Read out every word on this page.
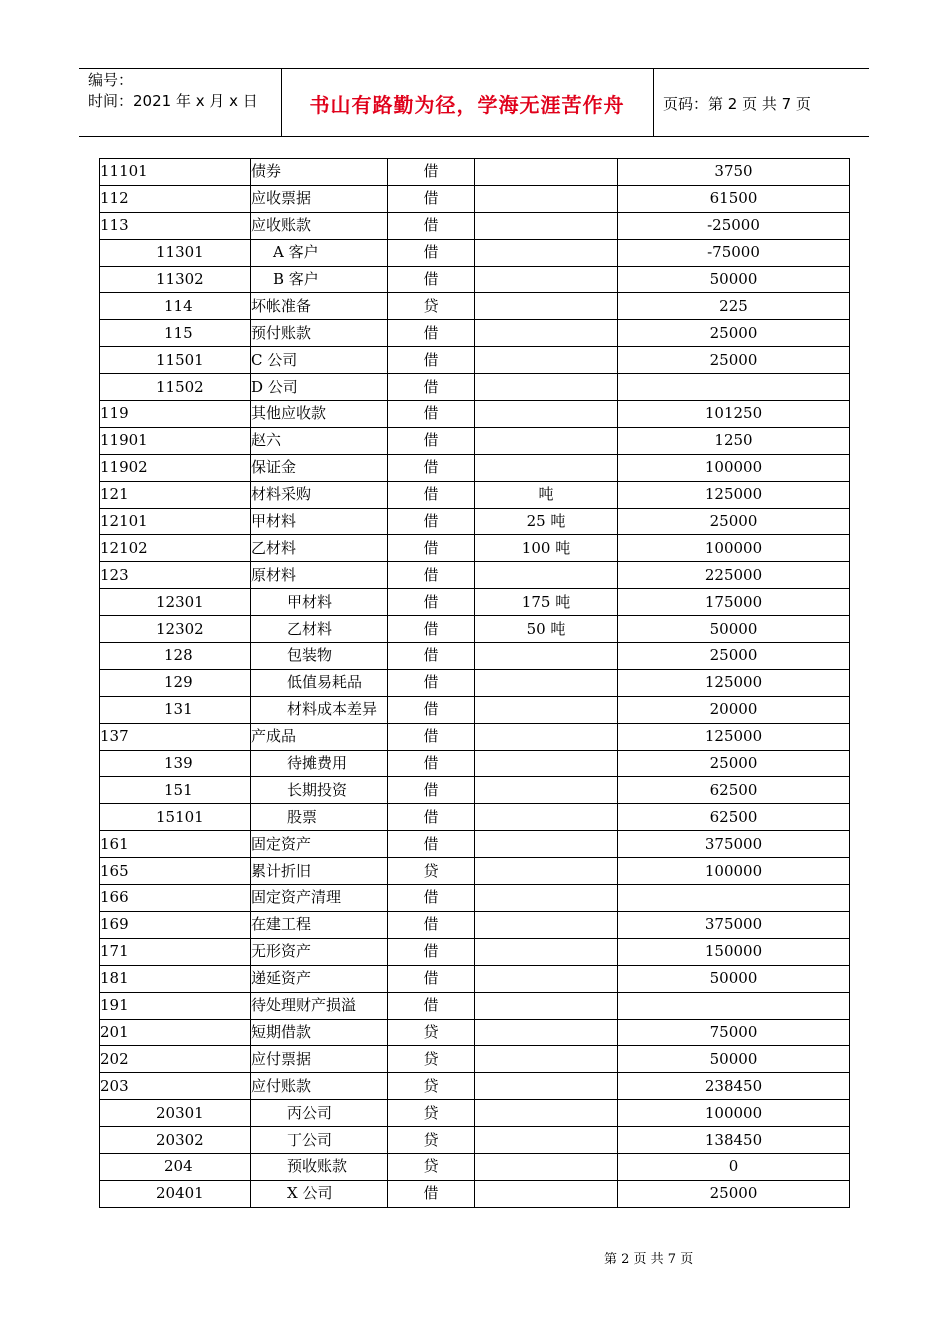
编号：
时间：2021 年 x 月 x 日	书山有路勤为径，学海无涯苦作舟	页码：第 2 页 共 7 页
11101	债券	借		3750
112	应收票据	借		61500
113	应收账款	借		-25000
11301	A 客户	借		-75000
11302	B 客户	借		50000
114	坏帐准备	贷		225
115	预付账款	借		25000
11501	C 公司	借		25000
11502	D 公司	借		
119	其他应收款	借		101250
11901	赵六	借		1250
11902	保证金	借		100000
121	材料采购	借	吨	125000
12101	甲材料	借	25 吨	25000
12102	乙材料	借	100 吨	100000
123	原材料	借		225000
12301	甲材料	借	175 吨	175000
12302	乙材料	借	50 吨	50000
128	包装物	借		25000
129	低值易耗品	借		125000
131	材料成本差异	借		20000
137	产成品	借		125000
139	待摊费用	借		25000
151	长期投资	借		62500
15101	股票	借		62500
161	固定资产	借		375000
165	累计折旧	贷		100000
166	固定资产清理	借		
169	在建工程	借		375000
171	无形资产	借		150000
181	递延资产	借		50000
191	待处理财产损溢	借		
201	短期借款	贷		75000
202	应付票据	贷		50000
203	应付账款	贷		238450
20301	丙公司	贷		100000
20302	丁公司	贷		138450
204	预收账款	贷		0
20401	X 公司	借		25000
第 2 页 共 7 页
